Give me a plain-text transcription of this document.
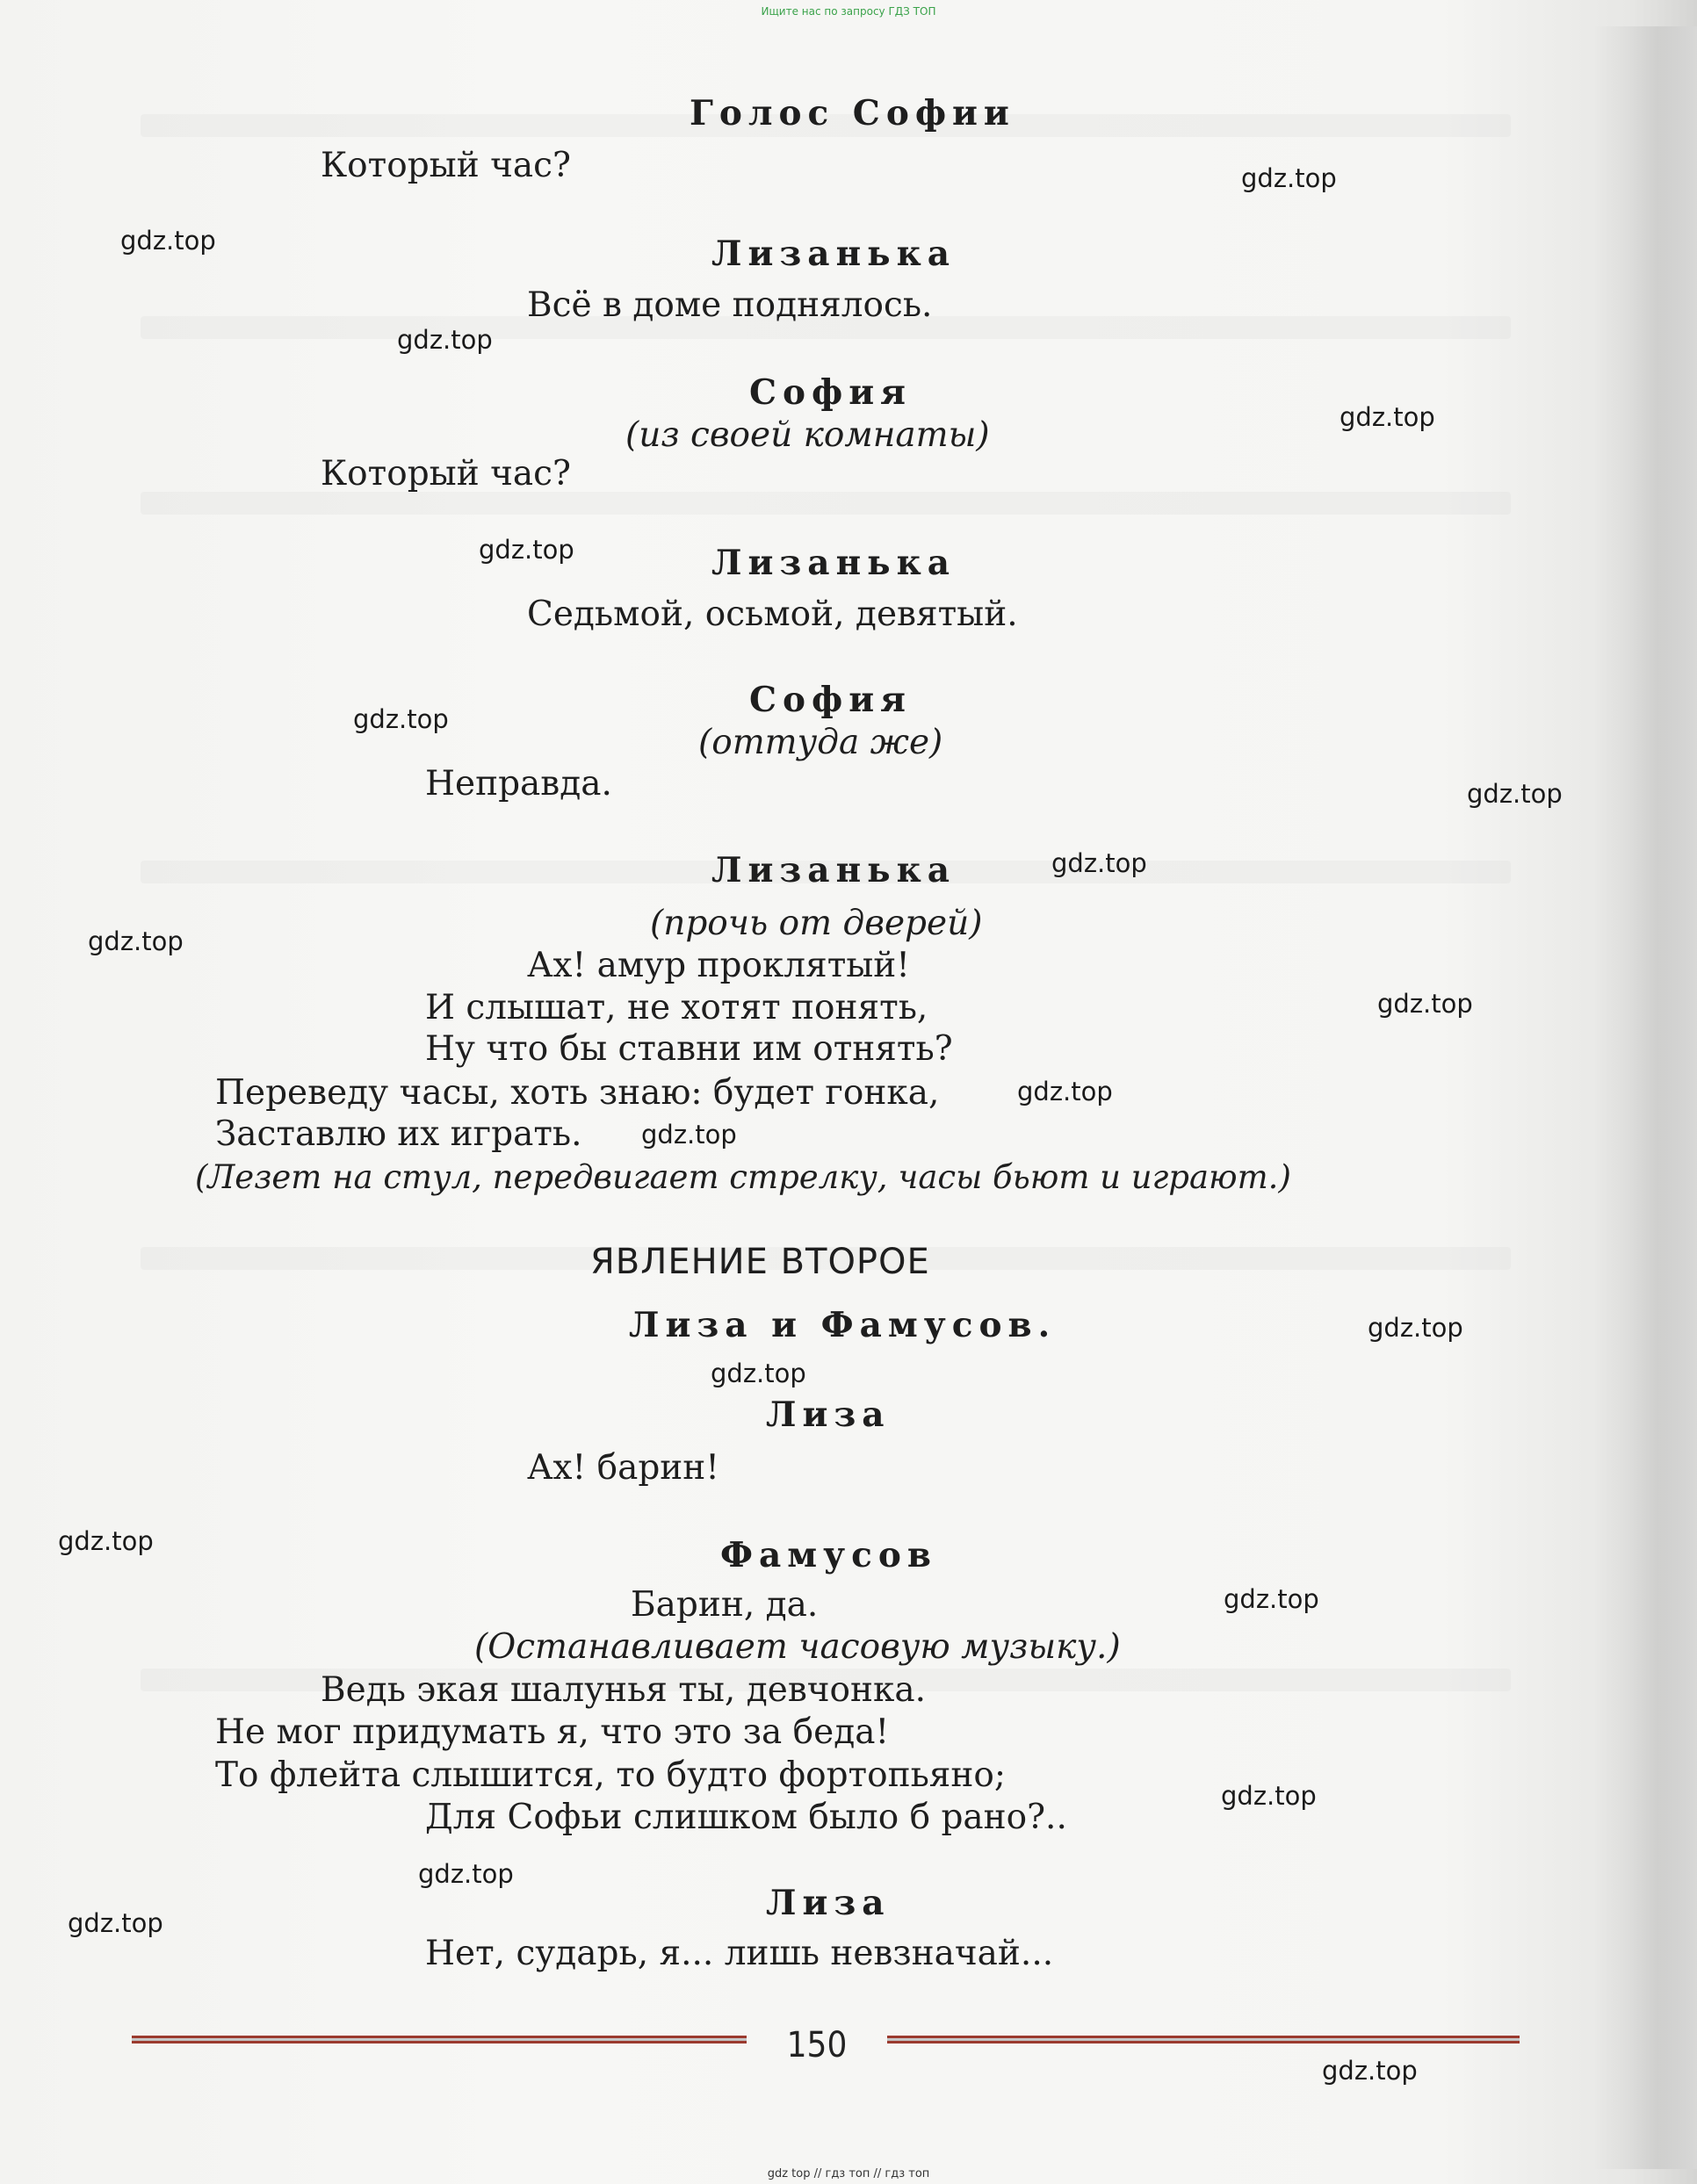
Ищите нас по запросу ГДЗ ТОП
Голос Софии
Который час?
Лизанька
Всё в доме поднялось.
София
(из своей комнаты)
Который час?
Лизанька
Седьмой, осьмой, девятый.
София
(оттуда же)
Неправда.
Лизанька
(прочь от дверей)
Ах! амур проклятый!
И слышат, не хотят понять,
Ну что бы ставни им отнять?
Переведу часы, хоть знаю: будет гонка,
Заставлю их играть.
(Лезет на стул, передвигает стрелку, часы бьют и играют.)
ЯВЛЕНИЕ ВТОРОЕ
Лиза и Фамусов.
Лиза
Ах! барин!
Фамусов
Барин, да.
(Останавливает часовую музыку.)
Ведь экая шалунья ты, девчонка.
Не мог придумать я, что это за беда!
То флейта слышится, то будто фортопьяно;
Для Софьи слишком было б рано?..
Лиза
Нет, сударь, я... лишь невзначай...
150
gdz.top
gdz.top
gdz.top
gdz.top
gdz.top
gdz.top
gdz.top
gdz.top
gdz.top
gdz.top
gdz.top
gdz.top
gdz.top
gdz.top
gdz.top
gdz.top
gdz.top
gdz.top
gdz.top
gdz.top
gdz top // гдз топ // гдз топ
